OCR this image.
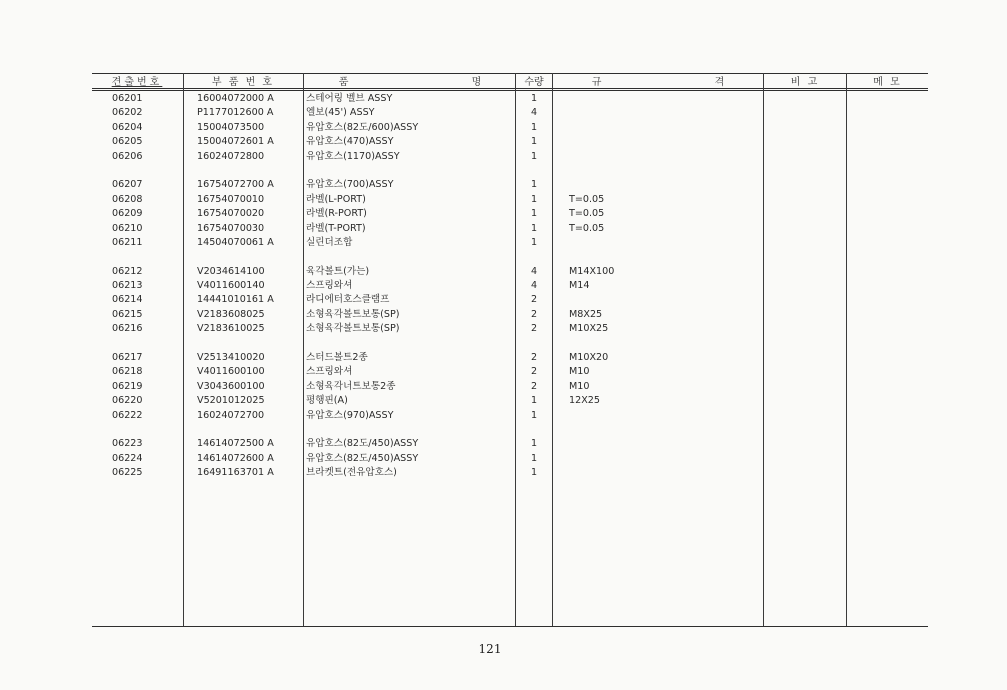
견출번호	부 품 번 호	품 명	수량	규 격	비 고	메 모
06201	16004072000 A	스테어링 벨브 ASSY	1
06202	P1177012600 A	엘보(45') ASSY	4
06204	15004073500	유압호스(82도/600)ASSY	1
06205	15004072601 A	유압호스(470)ASSY	1
06206	16024072800	유압호스(1170)ASSY	1
06207	16754072700 A	유압호스(700)ASSY	1
06208	16754070010	라벨(L-PORT)	1	T=0.05
06209	16754070020	라벨(R-PORT)	1	T=0.05
06210	16754070030	라벨(T-PORT)	1	T=0.05
06211	14504070061 A	실린더조합	1
06212	V2034614100	육각볼트(가는)	4	M14X100
06213	V4011600140	스프링와셔	4	M14
06214	14441010161 A	라디에터호스클램프	2
06215	V2183608025	소형육각볼트보통(SP)	2	M8X25
06216	V2183610025	소형육각볼트보통(SP)	2	M10X25
06217	V2513410020	스터드볼트2종	2	M10X20
06218	V4011600100	스프링와셔	2	M10
06219	V3043600100	소형육각너트보통2종	2	M10
06220	V5201012025	평행핀(A)	1	12X25
06222	16024072700	유압호스(970)ASSY	1
06223	14614072500 A	유압호스(82도/450)ASSY	1
06224	14614072600 A	유압호스(82도/450)ASSY	1
06225	16491163701 A	브라켓트(전유압호스)	1
121
